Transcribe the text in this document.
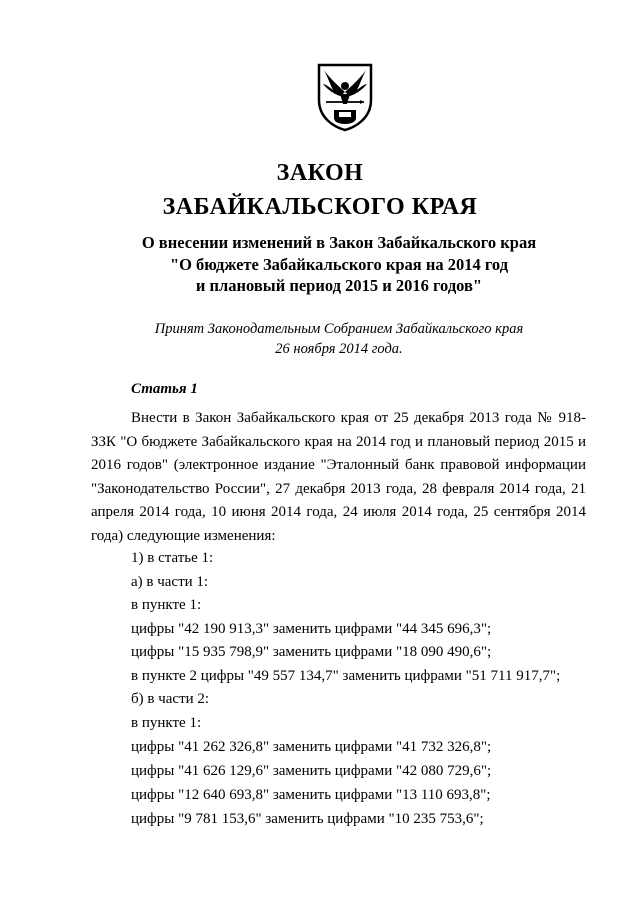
ЗАКОН
ЗАБАЙКАЛЬСКОГО КРАЯ

О внесении изменений в Закон Забайкальского края

"О бюджете Забайкальского края на 2014 год

и плановый период 2015 и 2016 годов"

Принят Законодательным Собранием Забайкальского края

26 ноября 2014 года.

Статья 1

Внести в Закон Забайкальского края от 25 декабря 2013 года № 918-ЗЗК "О бюджете Забайкальского края на 2014 год и плановый период 2015 и 2016 годов" (электронное издание "Эталонный банк правовой информации "Законодательство России", 27 декабря 2013 года, 28 февраля 2014 года, 21 апреля 2014 года, 10 июня 2014 года, 24 июля 2014 года, 25 сентября 2014 года) следующие изменения:

1) в статье 1:

а) в части 1:

в пункте 1:

цифры "42 190 913,3" заменить цифрами "44 345 696,3";

цифры "15 935 798,9" заменить цифрами "18 090 490,6";

в пункте 2 цифры "49 557 134,7" заменить цифрами "51 711 917,7";

б) в части 2:

в пункте 1:

цифры "41 262 326,8" заменить цифрами "41 732 326,8";

цифры "41 626 129,6" заменить цифрами "42 080 729,6";

цифры "12 640 693,8" заменить цифрами "13 110 693,8";

цифры "9 781 153,6" заменить цифрами "10 235 753,6";
